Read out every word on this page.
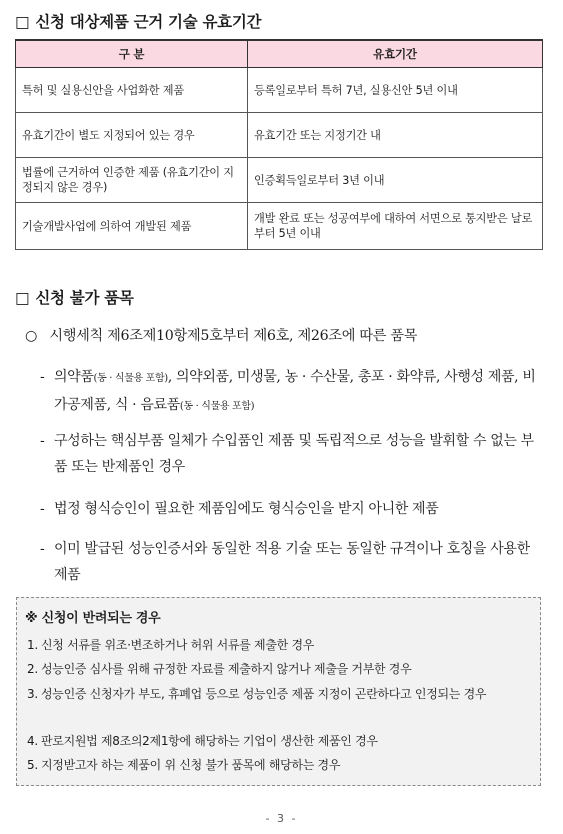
□ 신청 대상제품 근거 기술 유효기간
구 분	유효기간
특허 및 실용신안을 사업화한 제품	등록일로부터 특허 7년, 실용신안 5년 이내
유효기간이 별도 지정되어 있는 경우	유효기간 또는 지정기간 내
법률에 근거하여 인증한 제품 (유효기간이 지정되지 않은 경우)	인증획득일로부터 3년 이내
기술개발사업에 의하여 개발된 제품	개발 완료 또는 성공여부에 대하여 서면으로 통지받은 날로부터 5년 이내
□ 신청 불가 품목
○ 시행세칙 제6조제10항제5호부터 제6호, 제26조에 따른 품목
- 의약품(동 · 식물용 포함), 의약외품, 미생물, 농 · 수산물, 총포 · 화약류, 사행성 제품, 비가공제품, 식 · 음료품(동 · 식물용 포함)
- 구성하는 핵심부품 일체가 수입품인 제품 및 독립적으로 성능을 발휘할 수 없는 부품 또는 반제품인 경우
- 법정 형식승인이 필요한 제품임에도 형식승인을 받지 아니한 제품
- 이미 발급된 성능인증서와 동일한 적용 기술 또는 동일한 규격이나 호칭을 사용한 제품
※ 신청이 반려되는 경우
1. 신청 서류를 위조·변조하거나 허위 서류를 제출한 경우
2. 성능인증 심사를 위해 규정한 자료를 제출하지 않거나 제출을 거부한 경우
3. 성능인증 신청자가 부도, 휴폐업 등으로 성능인증 제품 지정이 곤란하다고 인정되는 경우
4. 판로지원법 제8조의2제1항에 해당하는 기업이 생산한 제품인 경우
5. 지정받고자 하는 제품이 위 신청 불가 품목에 해당하는 경우
- 3 -
